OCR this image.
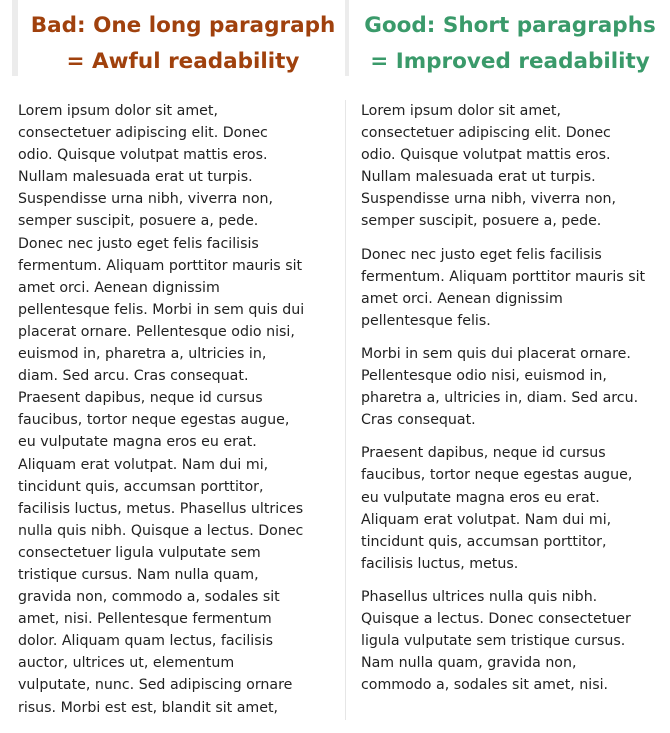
Bad: One long paragraph
= Awful readability
Good: Short paragraphs
= Improved readability

Lorem ipsum dolor sit amet,
consectetuer adipiscing elit. Donec
odio. Quisque volutpat mattis eros.
Nullam malesuada erat ut turpis.
Suspendisse urna nibh, viverra non,
semper suscipit, posuere a, pede.
Donec nec justo eget felis facilisis
fermentum. Aliquam porttitor mauris sit
amet orci. Aenean dignissim
pellentesque felis. Morbi in sem quis dui
placerat ornare. Pellentesque odio nisi,
euismod in, pharetra a, ultricies in,
diam. Sed arcu. Cras consequat.
Praesent dapibus, neque id cursus
faucibus, tortor neque egestas augue,
eu vulputate magna eros eu erat.
Aliquam erat volutpat. Nam dui mi,
tincidunt quis, accumsan porttitor,
facilisis luctus, metus. Phasellus ultrices
nulla quis nibh. Quisque a lectus. Donec
consectetuer ligula vulputate sem
tristique cursus. Nam nulla quam,
gravida non, commodo a, sodales sit
amet, nisi. Pellentesque fermentum
dolor. Aliquam quam lectus, facilisis
auctor, ultrices ut, elementum
vulputate, nunc. Sed adipiscing ornare
risus. Morbi est est, blandit sit amet,

Lorem ipsum dolor sit amet,
consectetuer adipiscing elit. Donec
odio. Quisque volutpat mattis eros.
Nullam malesuada erat ut turpis.
Suspendisse urna nibh, viverra non,
semper suscipit, posuere a, pede.

Donec nec justo eget felis facilisis
fermentum. Aliquam porttitor mauris sit
amet orci. Aenean dignissim
pellentesque felis.

Morbi in sem quis dui placerat ornare.
Pellentesque odio nisi, euismod in,
pharetra a, ultricies in, diam. Sed arcu.
Cras consequat.

Praesent dapibus, neque id cursus
faucibus, tortor neque egestas augue,
eu vulputate magna eros eu erat.
Aliquam erat volutpat. Nam dui mi,
tincidunt quis, accumsan porttitor,
facilisis luctus, metus.

Phasellus ultrices nulla quis nibh.
Quisque a lectus. Donec consectetuer
ligula vulputate sem tristique cursus.
Nam nulla quam, gravida non,
commodo a, sodales sit amet, nisi.
